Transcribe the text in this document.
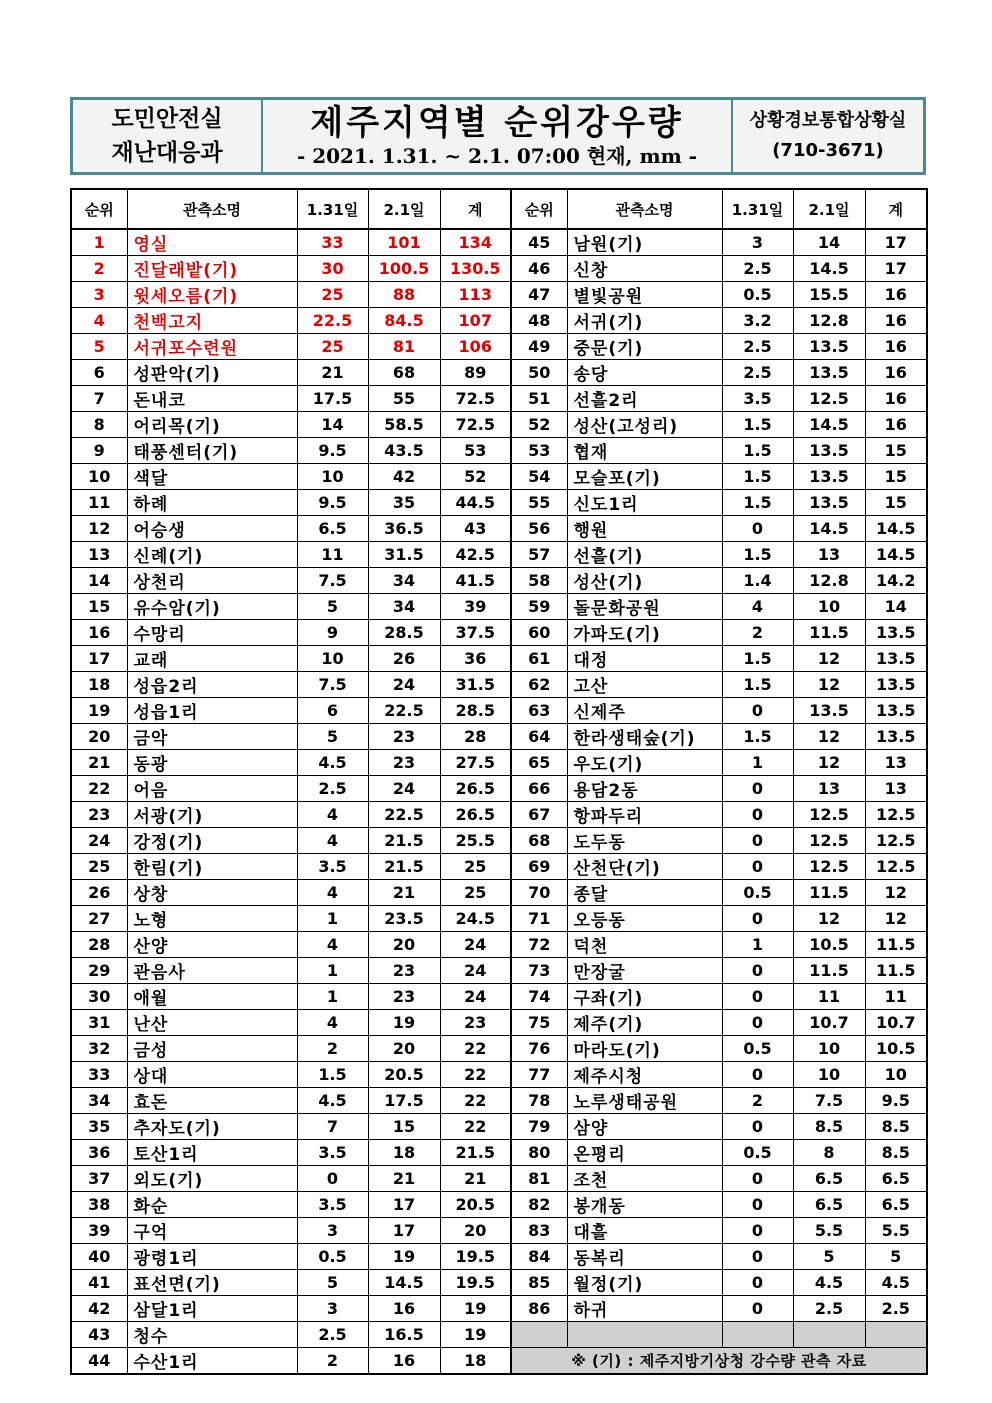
도민안전실
재난대응과
제주지역별 순위강우량
- 2021. 1.31. ~ 2.1. 07:00 현재, mm -
상황경보통합상황실
(710-3671)
순위	관측소명	1.31일	2.1일	계	순위	관측소명	1.31일	2.1일	계
1	영실	33	101	134	45	남원(기)	3	14	17
2	진달래밭(기)	30	100.5	130.5	46	신창	2.5	14.5	17
3	윗세오름(기)	25	88	113	47	별빛공원	0.5	15.5	16
4	천백고지	22.5	84.5	107	48	서귀(기)	3.2	12.8	16
5	서귀포수련원	25	81	106	49	중문(기)	2.5	13.5	16
6	성판악(기)	21	68	89	50	송당	2.5	13.5	16
7	돈내코	17.5	55	72.5	51	선흘2리	3.5	12.5	16
8	어리목(기)	14	58.5	72.5	52	성산(고성리)	1.5	14.5	16
9	태풍센터(기)	9.5	43.5	53	53	협재	1.5	13.5	15
10	색달	10	42	52	54	모슬포(기)	1.5	13.5	15
11	하례	9.5	35	44.5	55	신도1리	1.5	13.5	15
12	어승생	6.5	36.5	43	56	행원	0	14.5	14.5
13	신례(기)	11	31.5	42.5	57	선흘(기)	1.5	13	14.5
14	상천리	7.5	34	41.5	58	성산(기)	1.4	12.8	14.2
15	유수암(기)	5	34	39	59	돌문화공원	4	10	14
16	수망리	9	28.5	37.5	60	가파도(기)	2	11.5	13.5
17	교래	10	26	36	61	대정	1.5	12	13.5
18	성읍2리	7.5	24	31.5	62	고산	1.5	12	13.5
19	성읍1리	6	22.5	28.5	63	신제주	0	13.5	13.5
20	금악	5	23	28	64	한라생태숲(기)	1.5	12	13.5
21	동광	4.5	23	27.5	65	우도(기)	1	12	13
22	어음	2.5	24	26.5	66	용담2동	0	13	13
23	서광(기)	4	22.5	26.5	67	항파두리	0	12.5	12.5
24	강정(기)	4	21.5	25.5	68	도두동	0	12.5	12.5
25	한림(기)	3.5	21.5	25	69	산천단(기)	0	12.5	12.5
26	상창	4	21	25	70	종달	0.5	11.5	12
27	노형	1	23.5	24.5	71	오등동	0	12	12
28	산양	4	20	24	72	덕천	1	10.5	11.5
29	관음사	1	23	24	73	만장굴	0	11.5	11.5
30	애월	1	23	24	74	구좌(기)	0	11	11
31	난산	4	19	23	75	제주(기)	0	10.7	10.7
32	금성	2	20	22	76	마라도(기)	0.5	10	10.5
33	상대	1.5	20.5	22	77	제주시청	0	10	10
34	효돈	4.5	17.5	22	78	노루생태공원	2	7.5	9.5
35	추자도(기)	7	15	22	79	삼양	0	8.5	8.5
36	토산1리	3.5	18	21.5	80	온평리	0.5	8	8.5
37	외도(기)	0	21	21	81	조천	0	6.5	6.5
38	화순	3.5	17	20.5	82	봉개동	0	6.5	6.5
39	구억	3	17	20	83	대흘	0	5.5	5.5
40	광령1리	0.5	19	19.5	84	동복리	0	5	5
41	표선면(기)	5	14.5	19.5	85	월정(기)	0	4.5	4.5
42	삼달1리	3	16	19	86	하귀	0	2.5	2.5
43	청수	2.5	16.5	19					
44	수산1리	2	16	18	※ (기) : 제주지방기상청 강수량 관측 자료				
